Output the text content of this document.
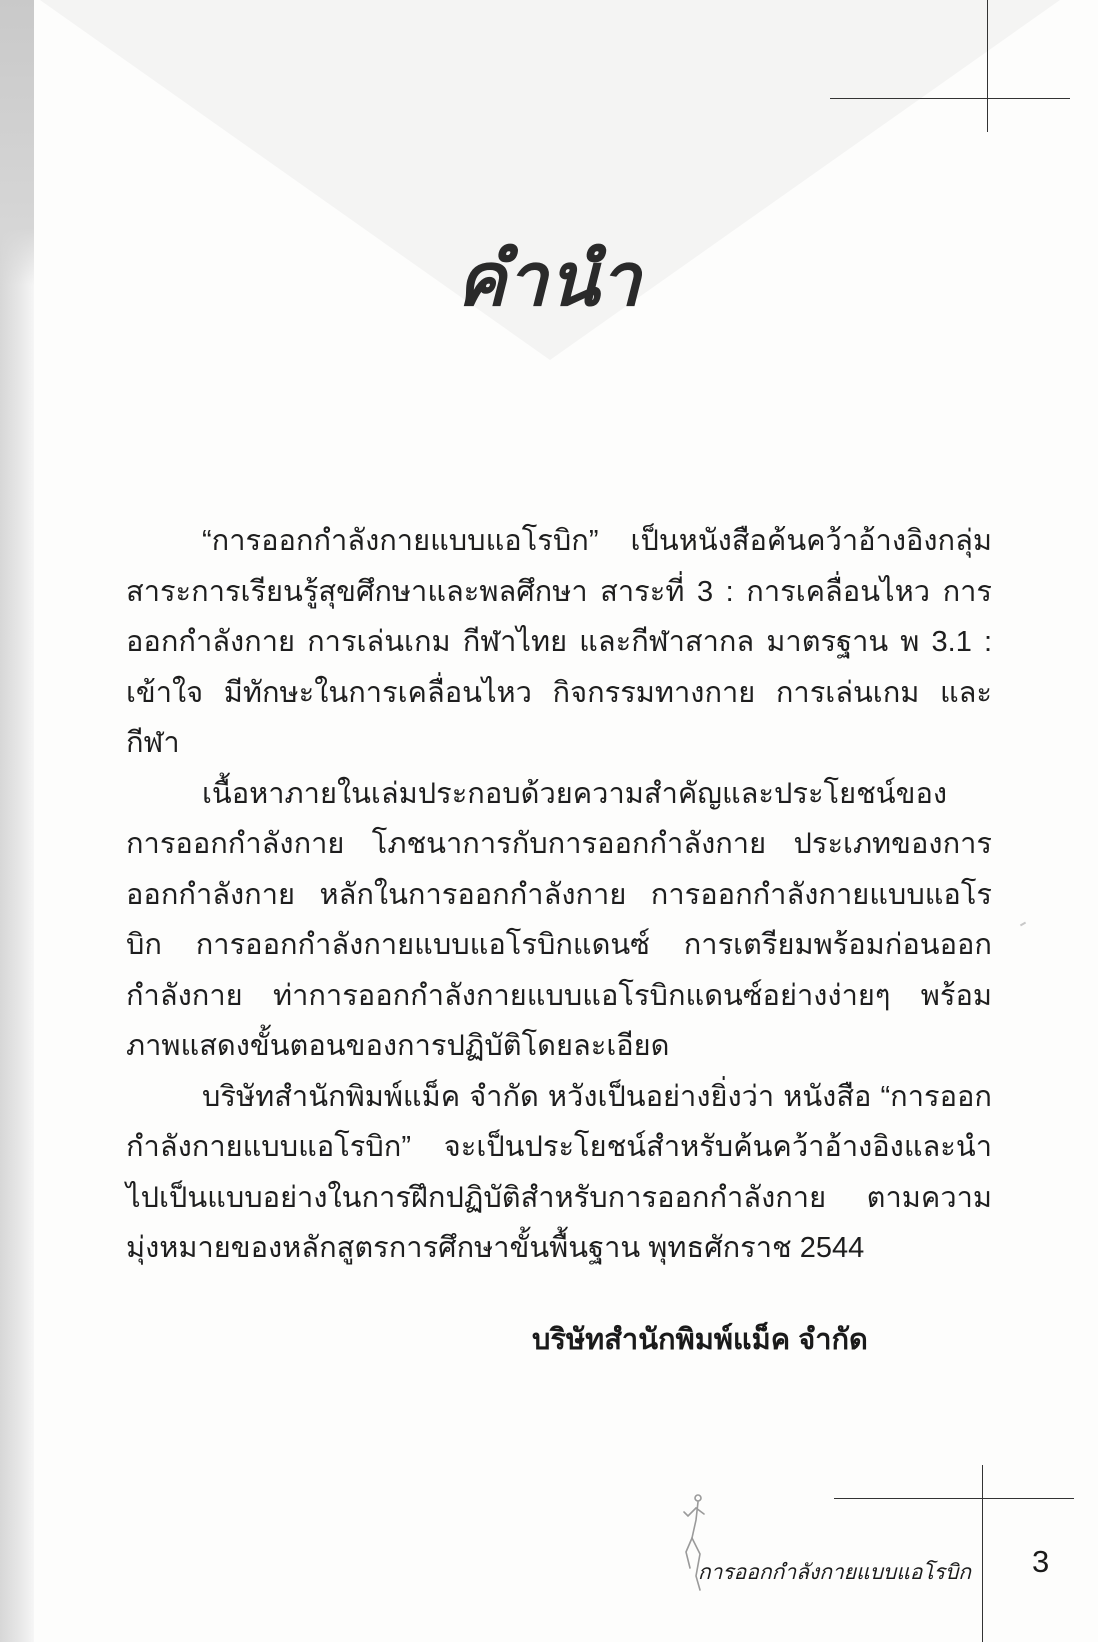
คำนำ

“การออกกำลังกายแบบแอโรบิก” เป็นหนังสือค้นคว้าอ้างอิงกลุ่มสาระการเรียนรู้สุขศึกษาและพลศึกษา สาระที่ 3 : การเคลื่อนไหว การออกกำลังกาย การเล่นเกม กีฬาไทย และกีฬาสากล มาตรฐาน พ 3.1 : เข้าใจ มีทักษะในการเคลื่อนไหว กิจกรรมทางกาย การเล่นเกม และกีฬา

เนื้อหาภายในเล่มประกอบด้วยความสำคัญและประโยชน์ของการออกกำลังกาย โภชนาการกับการออกกำลังกาย ประเภทของการออกกำลังกาย หลักในการออกกำลังกาย การออกกำลังกายแบบแอโรบิก การออกกำลังกายแบบแอโรบิกแดนซ์ การเตรียมพร้อมก่อนออกกำลังกาย ท่าการออกกำลังกายแบบแอโรบิกแดนซ์อย่างง่ายๆ พร้อมภาพแสดงขั้นตอนของการปฏิบัติโดยละเอียด

บริษัทสำนักพิมพ์แม็ค จำกัด หวังเป็นอย่างยิ่งว่า หนังสือ “การออกกำลังกายแบบแอโรบิก” จะเป็นประโยชน์สำหรับค้นคว้าอ้างอิงและนำไปเป็นแบบอย่างในการฝึกปฏิบัติสำหรับการออกกำลังกาย ตามความมุ่งหมายของหลักสูตรการศึกษาขั้นพื้นฐาน พุทธศักราช 2544

บริษัทสำนักพิมพ์แม็ค จำกัด
การออกกำลังกายแบบแอโรบิก 3
